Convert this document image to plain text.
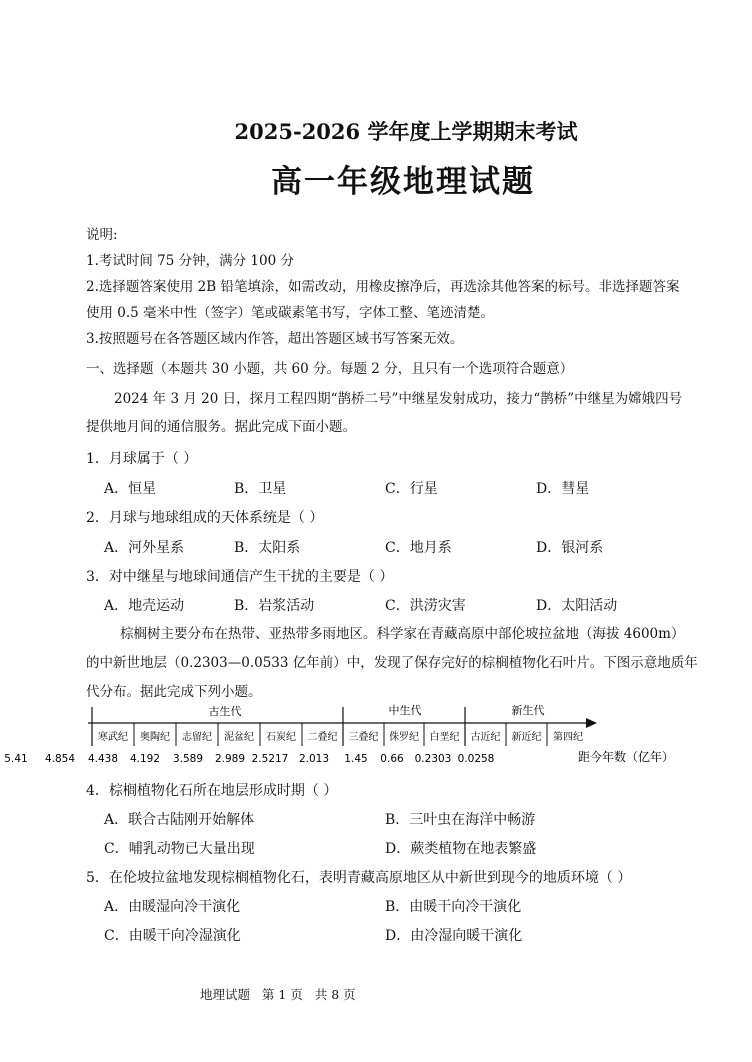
2025-2026 学年度上学期期末考试
高一年级地理试题
说明:
1.考试时间 75 分钟，满分 100 分
2.选择题答案使用 2B 铅笔填涂，如需改动，用橡皮擦净后，再选涂其他答案的标号。非选择题答案
使用 0.5 毫米中性（签字）笔或碳素笔书写，字体工整、笔迹清楚。
3.按照题号在各答题区域内作答，超出答题区域书写答案无效。
一、选择题（本题共 30 小题，共 60 分。每题 2 分，且只有一个选项符合题意）
2024 年 3 月 20 日，探月工程四期“鹊桥二号”中继星发射成功，接力“鹊桥”中继星为嫦娥四号
提供地月间的通信服务。据此完成下面小题。
1．月球属于（ ）
A．恒星	B．卫星	C．行星	D．彗星
2．月球与地球组成的天体系统是（ ）
A．河外星系	B．太阳系	C．地月系	D．银河系
3．对中继星与地球间通信产生干扰的主要是（ ）
A．地壳运动	B．岩浆活动	C．洪涝灾害	D．太阳活动
棕榈树主要分布在热带、亚热带多雨地区。科学家在青藏高原中部伦坡拉盆地（海拔 4600m）
的中新世地层（0.2303—0.0533 亿年前）中，发现了保存完好的棕榈植物化石叶片。下图示意地质年
代分布。据此完成下列小题。
古生代	中生代	新生代
寒武纪 奥陶纪 志留纪 泥盆纪 石炭纪 二叠纪 三叠纪 侏罗纪 白垩纪 古近纪 新近纪 第四纪
5.41 4.854 4.438 4.192 3.589 2.989 2.5217 2.013 1.45 0.66 0.2303 0.0258	距今年数（亿年）
4．棕榈植物化石所在地层形成时期（ ）
A．联合古陆刚开始解体	B．三叶虫在海洋中畅游
C．哺乳动物已大量出现	D．蕨类植物在地表繁盛
5．在伦坡拉盆地发现棕榈植物化石，表明青藏高原地区从中新世到现今的地质环境（ ）
A．由暖湿向冷干演化	B．由暖干向冷干演化
C．由暖干向冷湿演化	D．由冷湿向暖干演化
地理试题   第 1 页   共 8 页
